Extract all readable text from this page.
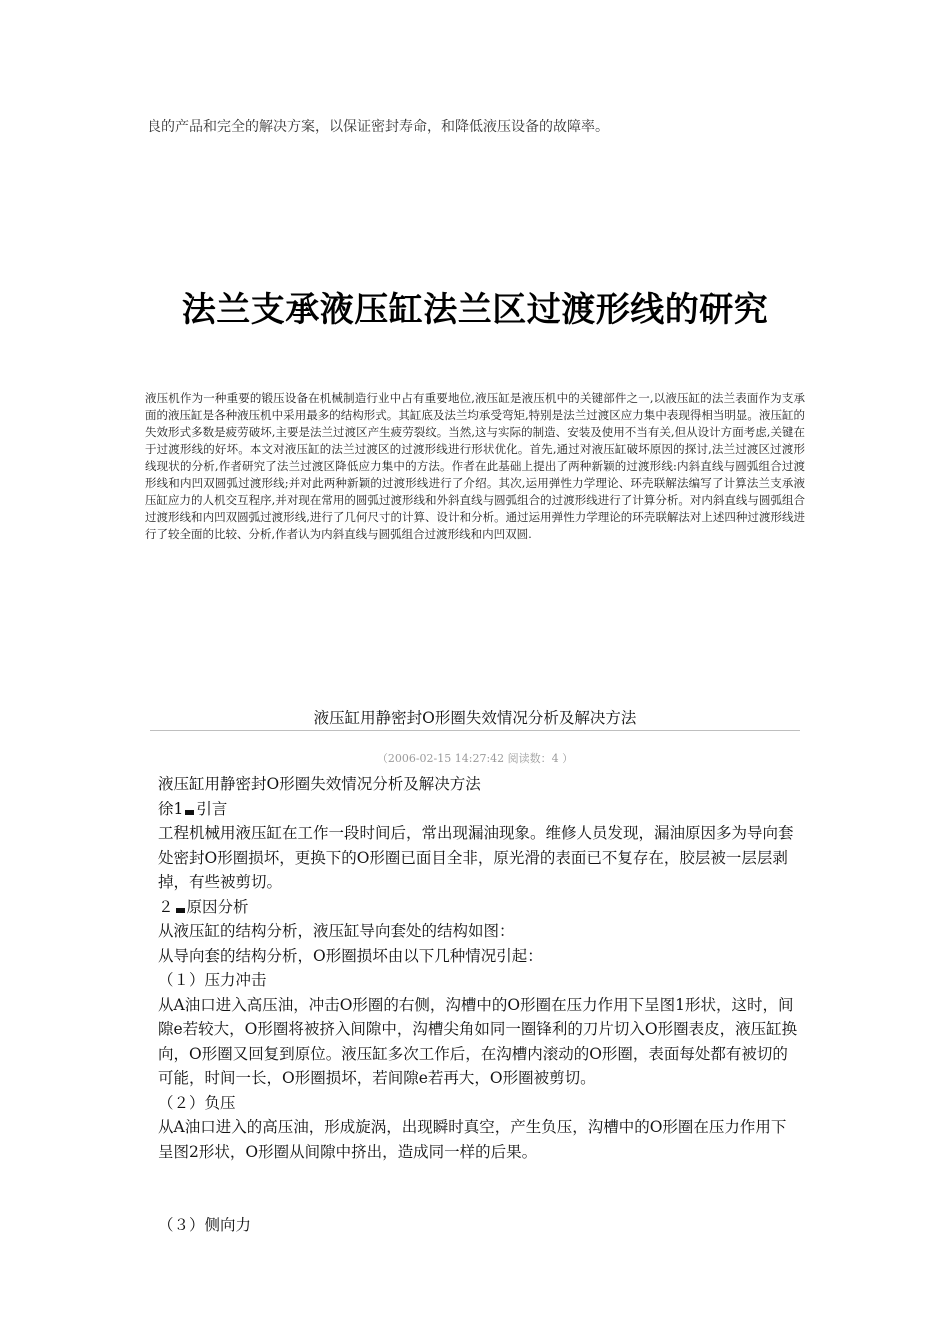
良的产品和完全的解决方案，以保证密封寿命，和降低液压设备的故障率。
法兰支承液压缸法兰区过渡形线的研究
液压机作为一种重要的锻压设备在机械制造行业中占有重要地位,液压缸是液压机中的关键部件之一,以液压缸的法兰表面作为支承面的液压缸是各种液压机中采用最多的结构形式。其缸底及法兰均承受弯矩,特别是法兰过渡区应力集中表现得相当明显。液压缸的失效形式多数是疲劳破坏,主要是法兰过渡区产生疲劳裂纹。当然,这与实际的制造、安装及使用不当有关,但从设计方面考虑,关键在于过渡形线的好坏。本文对液压缸的法兰过渡区的过渡形线进行形状优化。首先,通过对液压缸破坏原因的探讨,法兰过渡区过渡形线现状的分析,作者研究了法兰过渡区降低应力集中的方法。作者在此基础上提出了两种新颖的过渡形线:内斜直线与圆弧组合过渡形线和内凹双圆弧过渡形线;并对此两种新颖的过渡形线进行了介绍。其次,运用弹性力学理论、环壳联解法编写了计算法兰支承液压缸应力的人机交互程序,并对现在常用的圆弧过渡形线和外斜直线与圆弧组合的过渡形线进行了计算分析。对内斜直线与圆弧组合过渡形线和内凹双圆弧过渡形线,进行了几何尺寸的计算、设计和分析。通过运用弹性力学理论的环壳联解法对上述四种过渡形线进行了较全面的比较、分析,作者认为内斜直线与圆弧组合过渡形线和内凹双圆.
液压缸用静密封O形圈失效情况分析及解决方法
（2006-02-15 14:27:42 阅读数：4 ）

液压缸用静密封O形圈失效情况分析及解决方法

徐1 引言

工程机械用液压缸在工作一段时间后，常出现漏油现象。维修人员发现，漏油原因多为导向套处密封O形圈损坏，更换下的O形圈已面目全非，原光滑的表面已不复存在，胶层被一层层剥掉，有些被剪切。

２ 原因分析

从液压缸的结构分析，液压缸导向套处的结构如图：

从导向套的结构分析，O形圈损坏由以下几种情况引起：

（１）压力冲击

从A油口进入高压油，冲击O形圈的右侧，沟槽中的O形圈在压力作用下呈图1形状，这时，间隙e若较大，O形圈将被挤入间隙中，沟槽尖角如同一圈锋利的刀片切入O形圈表皮，液压缸换向，O形圈又回复到原位。液压缸多次工作后，在沟槽内滚动的O形圈，表面每处都有被切的可能，时间一长，O形圈损坏，若间隙e若再大，O形圈被剪切。

（２）负压

从A油口进入的高压油，形成旋涡，出现瞬时真空，产生负压，沟槽中的O形圈在压力作用下呈图2形状，O形圈从间隙中挤出，造成同一样的后果。

（３）侧向力
